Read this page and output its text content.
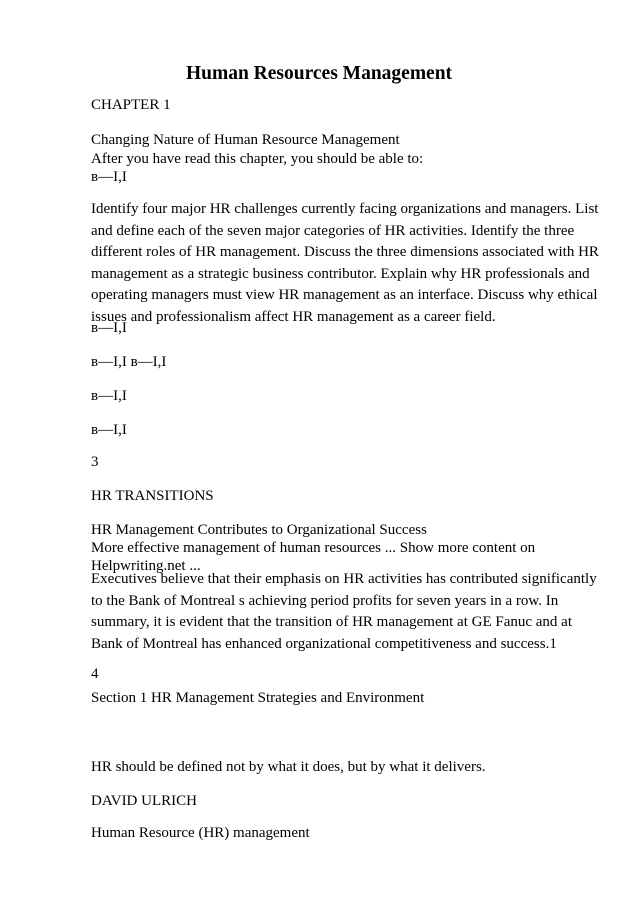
Human Resources Management
CHAPTER 1
Changing Nature of Human Resource Management
After you have read this chapter, you should be able to:
в—І,І
Identify four major HR challenges currently facing organizations and managers. List
and define each of the seven major categories of HR activities. Identify the three
different roles of HR management. Discuss the three dimensions associated with HR
management as a strategic business contributor. Explain why HR professionals and
operating managers must view HR management as an interface. Discuss why ethical
issues and professionalism affect HR management as a career field.
в—І,І
в—І,І в—І,І
в—І,І
в—І,І
3
HR TRANSITIONS
HR Management Contributes to Organizational Success
More effective management of human resources ... Show more content on
Helpwriting.net ...
Executives believe that their emphasis on HR activities has contributed significantly
to the Bank of Montreal s achieving period profits for seven years in a row. In
summary, it is evident that the transition of HR management at GE Fanuc and at
Bank of Montreal has enhanced organizational competitiveness and success.1
4
Section 1 HR Management Strategies and Environment
HR should be defined not by what it does, but by what it delivers.
DAVID ULRICH
Human Resource (HR) management
